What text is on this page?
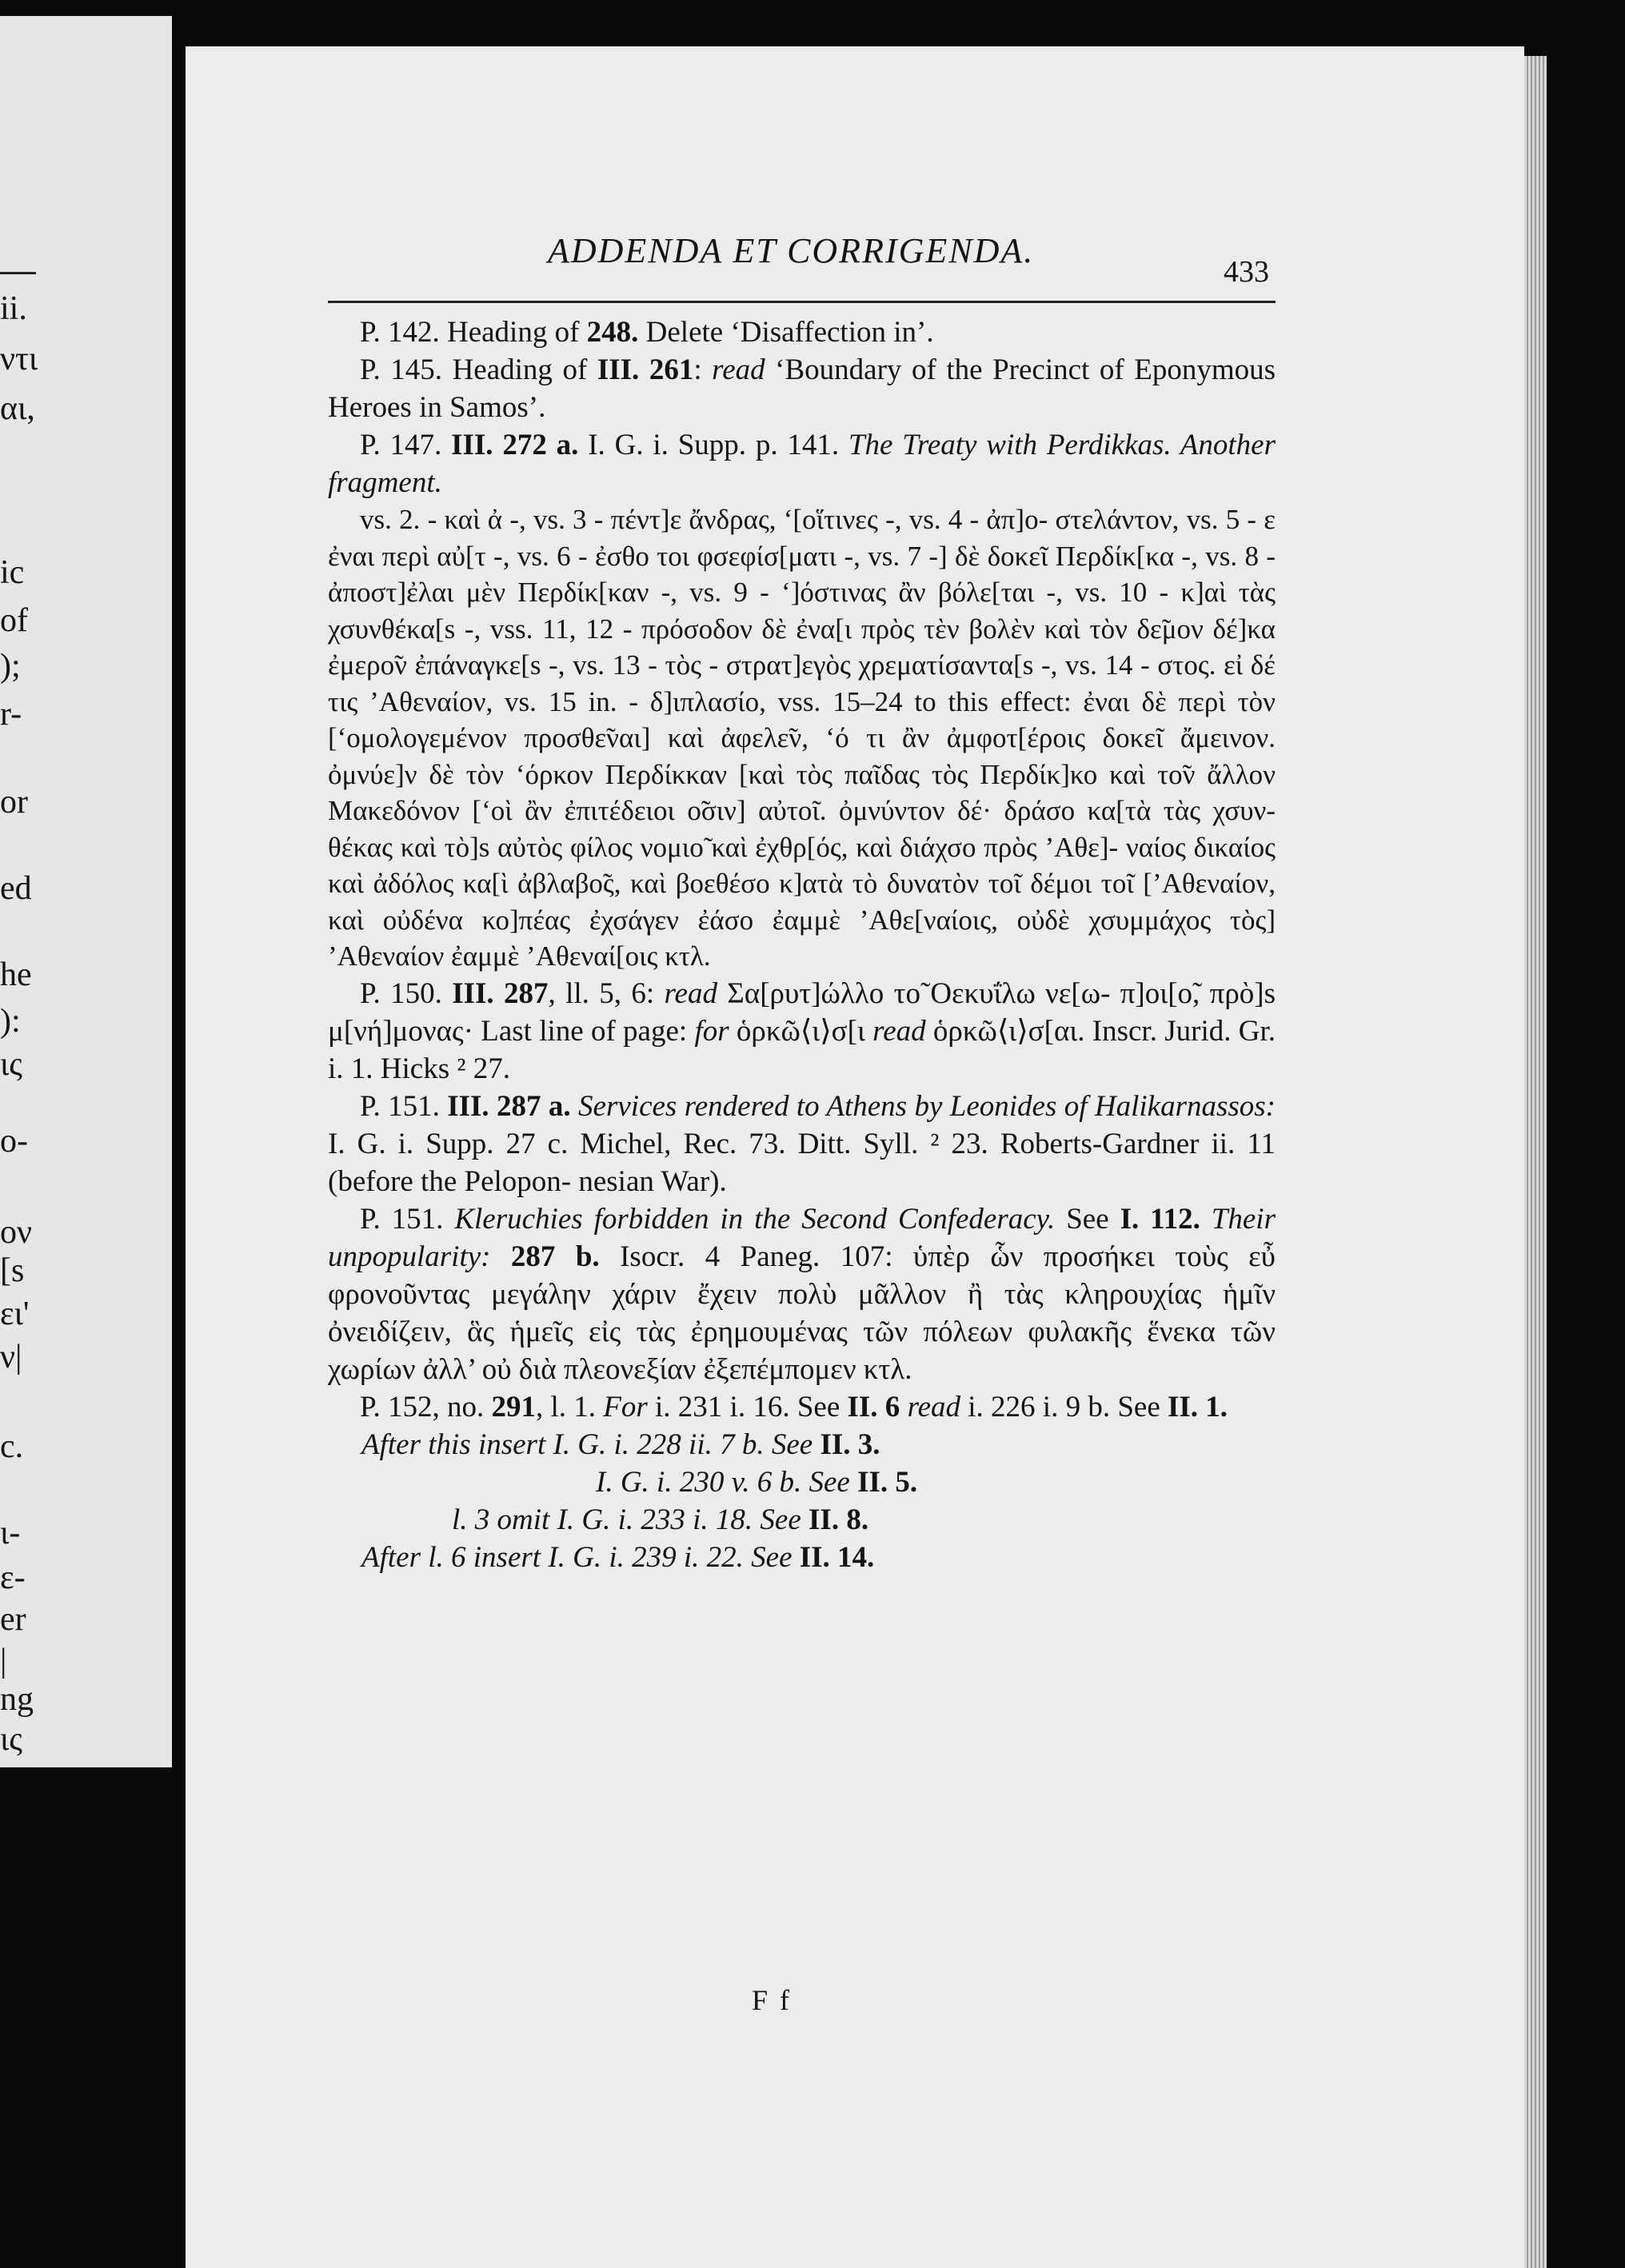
ii.
ντι
αι,
ic
of
);
r-
or
ed
he
):
ις
ο-
ον
[s
ει'
ν|
c.
ι-
ε-
er
|
ng
ις
ADDENDA ET CORRIGENDA.
433

P. 142. Heading of 248. Delete ‘Disaffection in’.

P. 145. Heading of III. 261: read ‘Boundary of the Precinct of Eponymous Heroes in Samos’.

P. 147. III. 272 a. I. G. i. Supp. p. 141. The Treaty with Perdikkas. Another fragment.

vs. 2. - καὶ ἀ -, vs. 3 - πέντ]ε ἄνδρας, ‘[οἵτινες -, vs. 4 - ἀπ]ο- στελάντον, vs. 5 - ε ἐναι περὶ αὐ[τ -, vs. 6 - ἐσθο τοι φσεφίσ[ματι -, vs. 7 -] δὲ δοκεῖ Περδίκ[κα -, vs. 8 - ἀποστ]ἐλαι μὲν Περδίκ[καν -, vs. 9 - ‘]όστινας ἂν βόλε[ται -, vs. 10 - κ]αὶ τὰς χσυνθέκα[s -, vss. 11, 12 - πρόσοδον δὲ ἐνα[ι πρὸς τὲν βολὲν καὶ τὸν δε̃μον δέ]κα ἐμερο̃ν ἐπάναγκε[s -, vs. 13 - τὸς - στρατ]εγὸς χρεματίσαντα[s -, vs. 14 - στος. εἰ δέ τις ’Αθεναίον, vs. 15 in. - δ]ιπλασίο, vss. 15–24 to this effect: ἐναι δὲ περὶ τὸν [‘ομολογεμένον προσθε̃ναι] καὶ ἀφελε̃ν, ‘ό τι ἂν ἀμφοτ[έροις δοκε̃ι ἄμεινον. ὀμνύε]ν δὲ τὸν ‘όρκον Περδίκκαν [καὶ τὸς παῖδας τὸς Περδίκ]κο καὶ το̃ν ἄλλον Μακεδόνον [‘οὶ ἂν ἐπιτέδειοι ο̃σιν] αὐτο̃ι. ὀμνύντον δέ· δράσο κα[τὰ τὰς χσυν- θέκας καὶ τὸ]s αὐτὸς φίλος νομιο̃ καὶ ἐχθρ[ός, καὶ διάχσο πρὸς ’Αθε]- ναίος δικαίος καὶ ἀδόλος κα[ὶ ἀβλαβο̃ς, καὶ βοεθέσο κ]ατὰ τὸ δυνατὸν το̃ι δέμοι το̃ι [’Αθεναίον, καὶ οὐδένα κο]πέας ἐχσάγεν ἐάσο ἐαμμὲ ’Αθε[ναίοις, οὐδὲ χσυμμάχος τὸς] ’Αθεναίον ἐαμμὲ ’Αθεναί[οις κτλ.

P. 150. III. 287, ll. 5, 6: read Σα[ρυτ]ώλλο το̃ Οεκυΐλω νε[ω- π]οι[ο̃, πρὸ]s μ[νή]μονας· Last line of page: for ὁρκῶ⟨ι⟩σ[ι read ὁρκῶ⟨ι⟩σ[αι. Inscr. Jurid. Gr. i. 1. Hicks ² 27.

P. 151. III. 287 a. Services rendered to Athens by Leonides of Halikarnassos: I. G. i. Supp. 27 c. Michel, Rec. 73. Ditt. Syll. ² 23. Roberts-Gardner ii. 11 (before the Pelopon- nesian War).

P. 151. Kleruchies forbidden in the Second Confederacy. See I. 112. Their unpopularity: 287 b. Isocr. 4 Paneg. 107: ὑπὲρ ὧν προσήκει τοὺς εὖ φρονοῦντας μεγάλην χάριν ἔχειν πολὺ μᾶλλον ἢ τὰς κληρουχίας ἡμῖν ὀνειδίζειν, ἃς ἡμεῖς εἰς τὰς ἐρημουμένας τῶν πόλεων φυλακῆς ἕνεκα τῶν χωρίων ἀλλ’ οὐ διὰ πλεονεξίαν ἐξεπέμπομεν κτλ.

P. 152, no. 291, l. 1. For i. 231 i. 16. See II. 6 read i. 226 i. 9 b. See II. 1.

After this insert I. G. i. 228 ii. 7 b. See II. 3.

I. G. i. 230 v. 6 b. See II. 5.

l. 3 omit I. G. i. 233 i. 18. See II. 8.

After l. 6 insert I. G. i. 239 i. 22. See II. 14.

F f
